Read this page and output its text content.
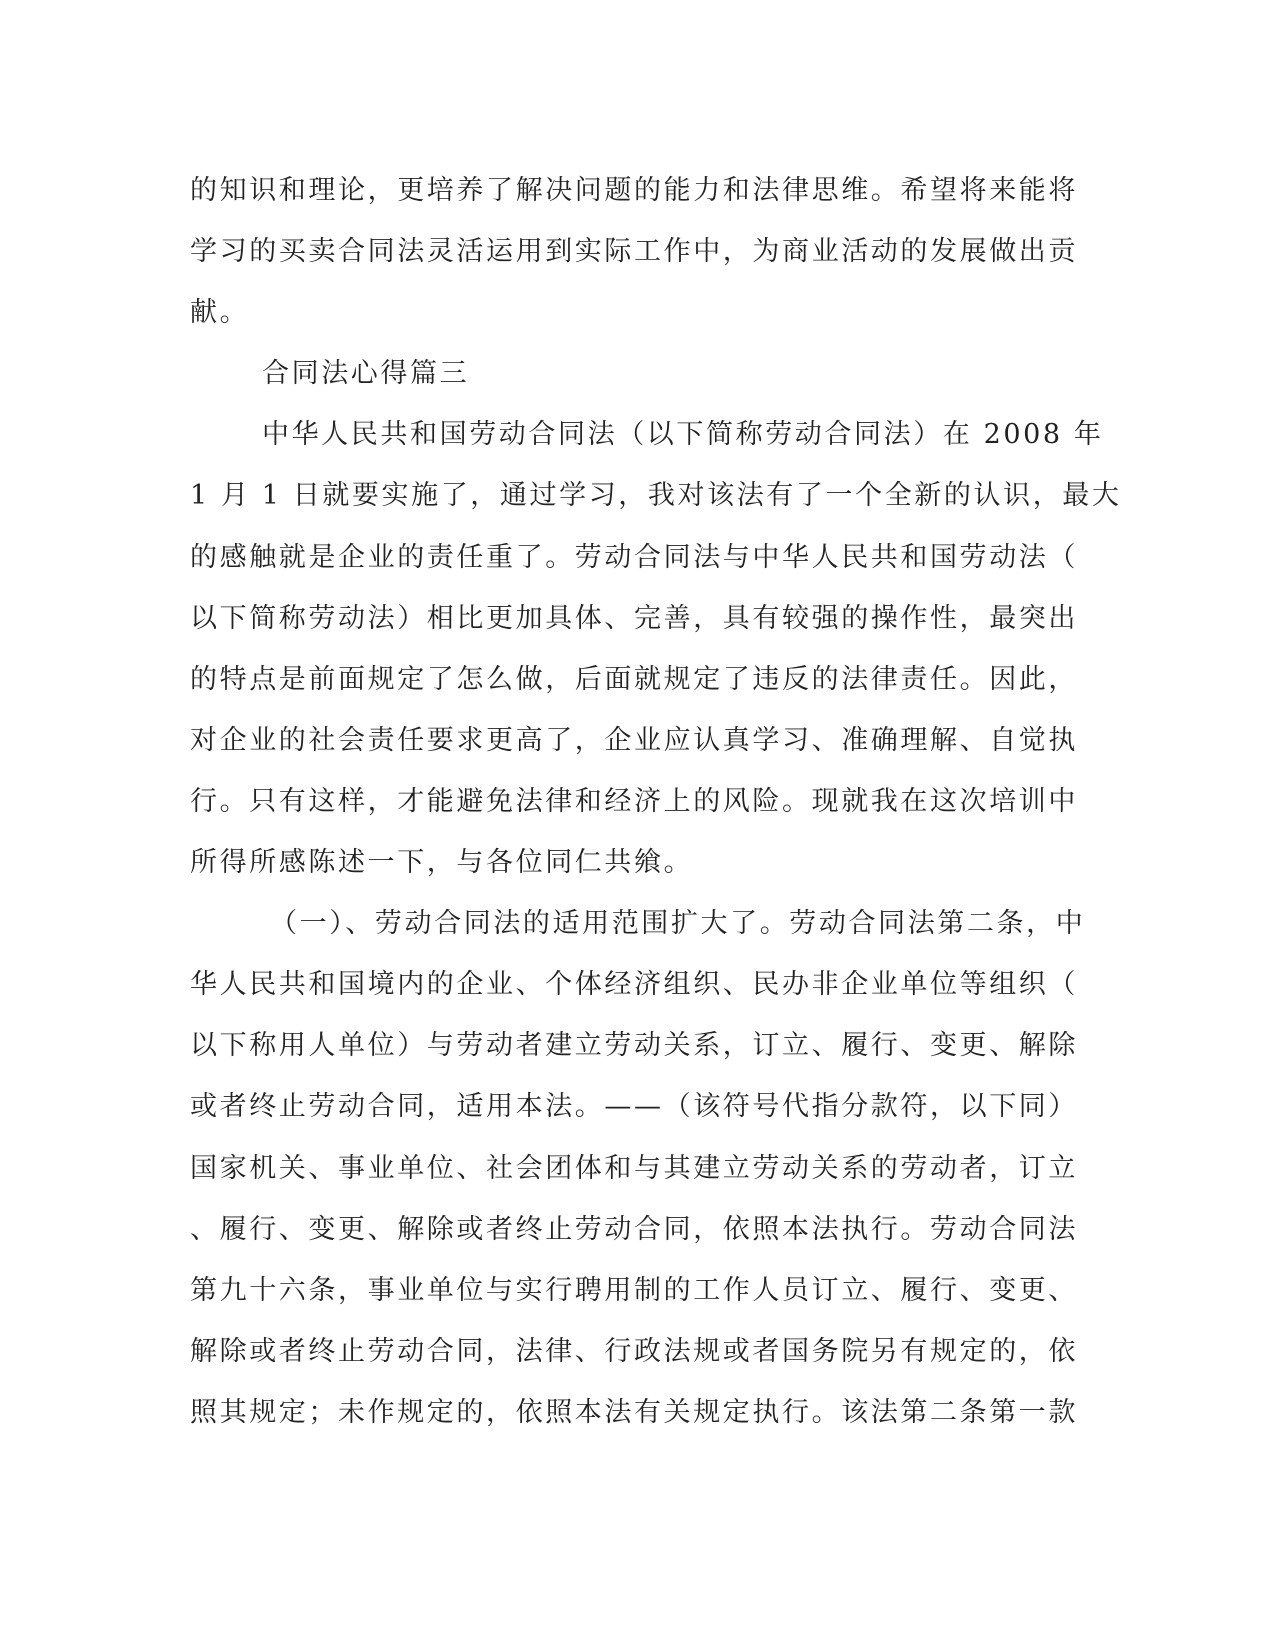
的知识和理论，更培养了解决问题的能力和法律思维。希望将来能将
学习的买卖合同法灵活运用到实际工作中，为商业活动的发展做出贡
献。
合同法心得篇三
中华人民共和国劳动合同法（以下简称劳动合同法）在 2008 年
1 月 1 日就要实施了，通过学习，我对该法有了一个全新的认识，最大
的感触就是企业的责任重了。劳动合同法与中华人民共和国劳动法（
以下简称劳动法）相比更加具体、完善，具有较强的操作性，最突出
的特点是前面规定了怎么做，后面就规定了违反的法律责任。因此，
对企业的社会责任要求更高了，企业应认真学习、准确理解、自觉执
行。只有这样，才能避免法律和经济上的风险。现就我在这次培训中
所得所感陈述一下，与各位同仁共飨。
（一）、劳动合同法的适用范围扩大了。劳动合同法第二条，中
华人民共和国境内的企业、个体经济组织、民办非企业单位等组织（
以下称用人单位）与劳动者建立劳动关系，订立、履行、变更、解除
或者终止劳动合同，适用本法。——（该符号代指分款符，以下同）
国家机关、事业单位、社会团体和与其建立劳动关系的劳动者，订立
、履行、变更、解除或者终止劳动合同，依照本法执行。劳动合同法
第九十六条，事业单位与实行聘用制的工作人员订立、履行、变更、
解除或者终止劳动合同，法律、行政法规或者国务院另有规定的，依
照其规定；未作规定的，依照本法有关规定执行。该法第二条第一款
